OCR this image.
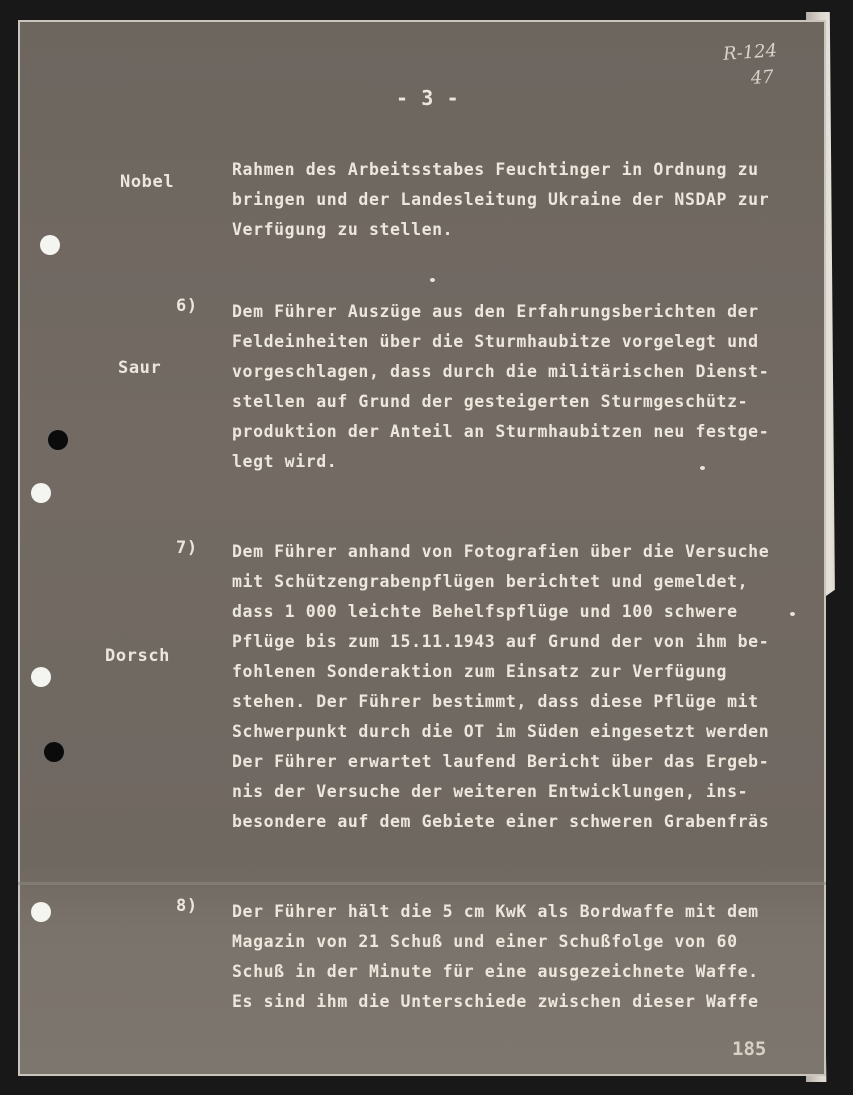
- 3 -
R-124
47
Nobel
Rahmen des Arbeitsstabes Feuchtinger in Ordnung zu
bringen und der Landesleitung Ukraine der NSDAP zur
Verfügung zu stellen.
6)
Saur
Dem Führer Auszüge aus den Erfahrungsberichten der
Feldeinheiten über die Sturmhaubitze vorgelegt und
vorgeschlagen, dass durch die militärischen Dienst-
stellen auf Grund der gesteigerten Sturmgeschütz-
produktion der Anteil an Sturmhaubitzen neu festge-
legt wird.
7)
Dorsch
Dem Führer anhand von Fotografien über die Versuche
mit Schützengrabenpflügen berichtet und gemeldet,
dass 1 000 leichte Behelfspflüge und 100 schwere
Pflüge bis zum 15.11.1943 auf Grund der von ihm be-
fohlenen Sonderaktion zum Einsatz zur Verfügung
stehen. Der Führer bestimmt, dass diese Pflüge mit
Schwerpunkt durch die OT im Süden eingesetzt werden
Der Führer erwartet laufend Bericht über das Ergeb-
nis der Versuche der weiteren Entwicklungen, ins-
besondere auf dem Gebiete einer schweren Grabenfräs
8) Der Führer hält die 5 cm KwK als Bordwaffe mit dem
Magazin von 21 Schuß und einer Schußfolge von 60
Schuß in der Minute für eine ausgezeichnete Waffe.
Es sind ihm die Unterschiede zwischen dieser Waffe
185
